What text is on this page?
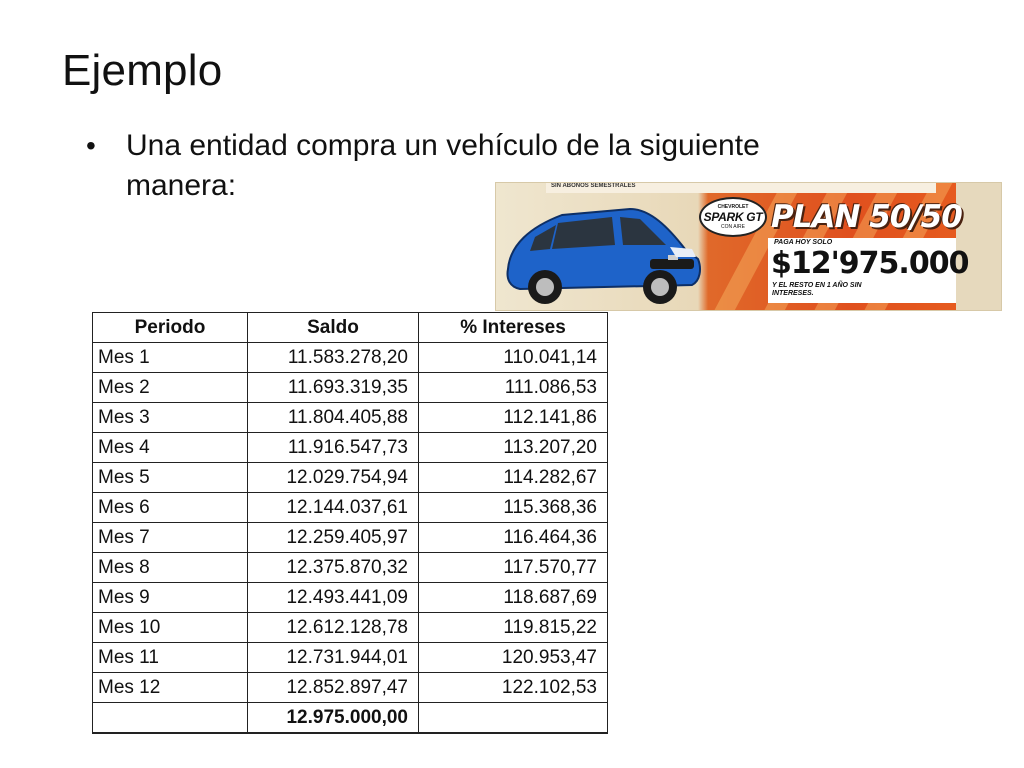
Ejemplo
•	Una entidad compra un vehículo de la siguiente manera:	SIN ABONOS SEMESTRALES
CHEVROLET
SPARK GT
CON AIRE PLAN 50/50
PAGA HOY SOLO
$12'975.000
Y EL RESTO EN 1 AÑO SIN INTERESES.
Periodo	Saldo	% Intereses
Mes 1	11.583.278,20	110.041,14
Mes 2	11.693.319,35	111.086,53
Mes 3	11.804.405,88	112.141,86
Mes 4	11.916.547,73	113.207,20
Mes 5	12.029.754,94	114.282,67
Mes 6	12.144.037,61	115.368,36
Mes 7	12.259.405,97	116.464,36
Mes 8	12.375.870,32	117.570,77
Mes 9	12.493.441,09	118.687,69
Mes 10	12.612.128,78	119.815,22
Mes 11	12.731.944,01	120.953,47
Mes 12	12.852.897,47	122.102,53
	12.975.000,00	
